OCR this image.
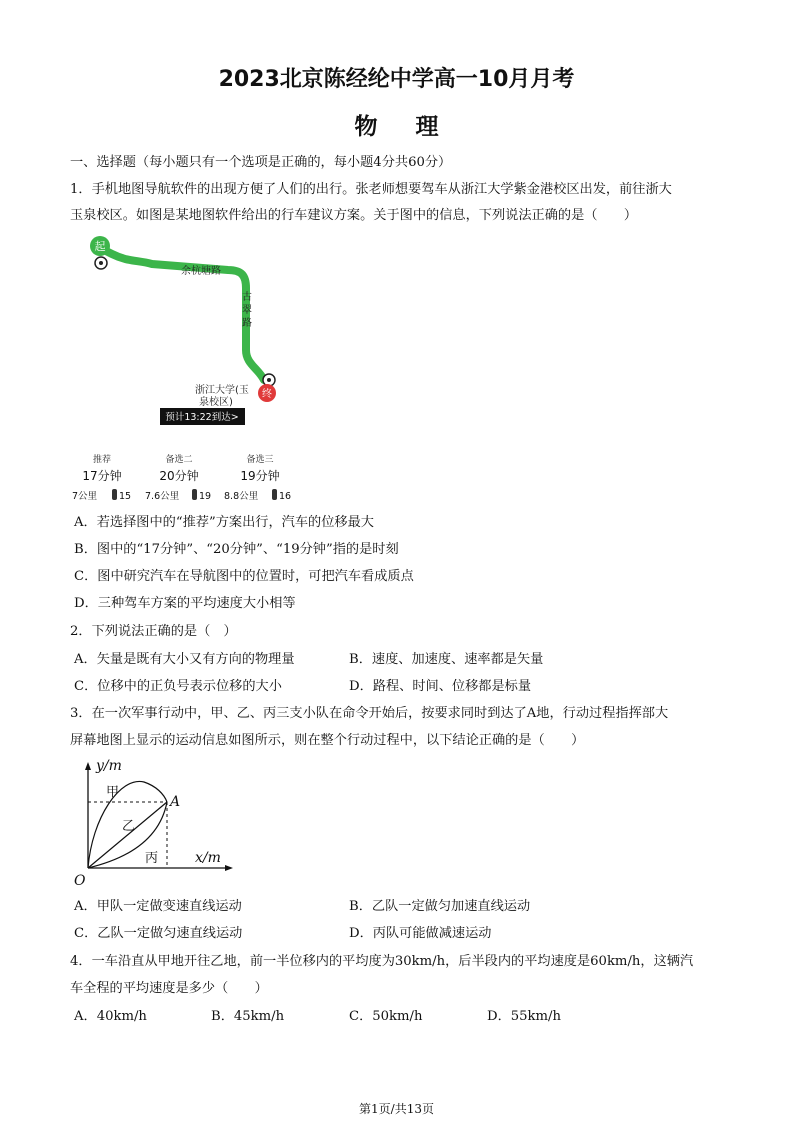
2023北京陈经纶中学高一10月月考
物理
一、选择题（每小题只有一个选项是正确的，每小题4分共60分）
1．手机地图导航软件的出现方便了人们的出行。张老师想要驾车从浙江大学紫金港校区出发，前往浙大
玉泉校区。如图是某地图软件给出的行车建议方案。关于图中的信息，下列说法正确的是（　　）
起
余杭塘路
古
翠
路
终
浙江大学(玉
泉校区)
预计13:22到达>
推荐
17分钟
7公里 15
备选二
20分钟
7.6公里 19
备选三
19分钟
8.8公里 16
A．若选择图中的“推荐”方案出行，汽车的位移最大
B．图中的“17分钟”、“20分钟”、“19分钟”指的是时刻
C．图中研究汽车在导航图中的位置时，可把汽车看成质点
D．三种驾车方案的平均速度大小相等
2．下列说法正确的是（　）
A．矢量是既有大小又有方向的物理量	B．速度、加速度、速率都是矢量
C．位移中的正负号表示位移的大小	D．路程、时间、位移都是标量
3．在一次军事行动中，甲、乙、丙三支小队在命令开始后，按要求同时到达了A地，行动过程指挥部大
屏幕地图上显示的运动信息如图所示，则在整个行动过程中，以下结论正确的是（　　）
y/m
x/m
O
A
甲
乙
丙
A．甲队一定做变速直线运动	B．乙队一定做匀加速直线运动
C．乙队一定做匀速直线运动	D．丙队可能做减速运动
4．一车沿直从甲地开往乙地，前一半位移内的平均度为30km/h，后半段内的平均速度是60km/h，这辆汽
车全程的平均速度是多少（　　）
A．40km/h	B．45km/h	C．50km/h	D．55km/h
第1页/共13页
